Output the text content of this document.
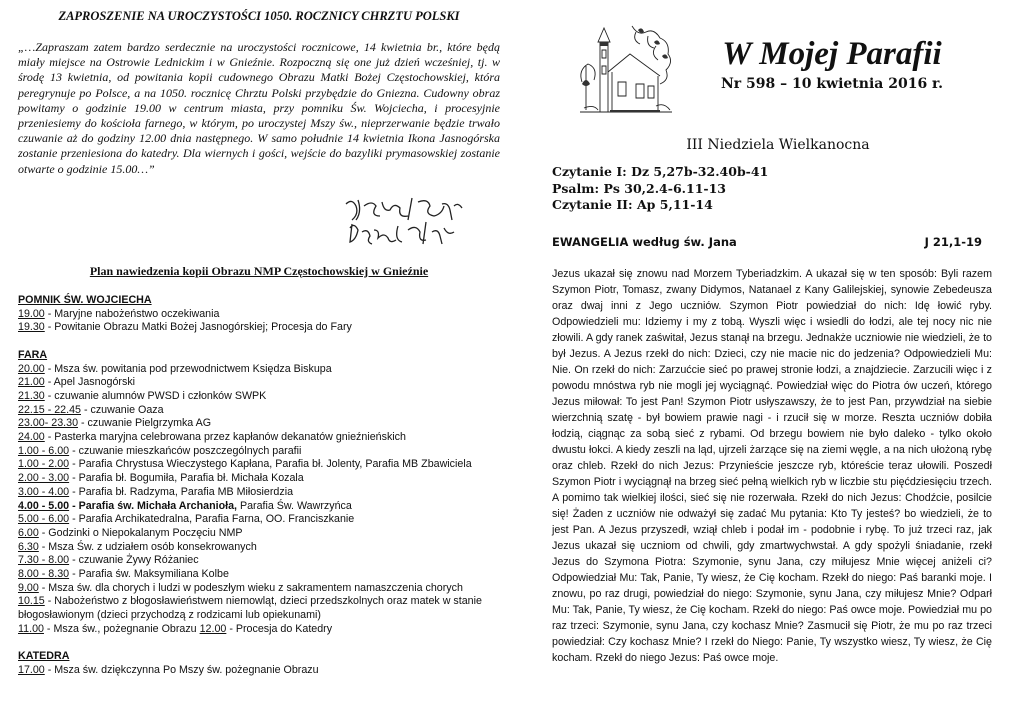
ZAPROSZENIE NA UROCZYSTOŚCI 1050. ROCZNICY CHRZTU POLSKI

„…Zapraszam zatem bardzo serdecznie na uroczystości rocznicowe, 14 kwietnia br., które będą miały miejsce na Ostrowie Lednickim i w Gnieźnie. Rozpoczną się one już dzień wcześniej, tj. w środę 13 kwietnia, od powitania kopii cudownego Obrazu Matki Bożej Częstochowskiej, która peregrynuje po Polsce, a na 1050. rocznicę Chrztu Polski przybędzie do Gniezna. Cudowny obraz powitamy o godzinie 19.00 w centrum miasta, przy pomniku Św. Wojciecha, i procesyjnie przeniesiemy do kościoła farnego, w którym, po uroczystej Mszy św., nieprzerwanie będzie trwało czuwanie aż do godziny 12.00 dnia następnego. W samo południe 14 kwietnia Ikona Jasnogórska zostanie przeniesiona do katedry. Dla wiernych i gości, wejście do bazyliki prymasowskiej zostanie otwarte o godzinie 15.00…”

Plan nawiedzenia kopii Obrazu NMP Częstochowskiej w Gnieźnie
POMNIK ŚW. WOJCIECHA
19.00 - Maryjne nabożeństwo oczekiwania
19.30 - Powitanie Obrazu Matki Bożej Jasnogórskiej; Procesja do Fary
FARA
20.00 - Msza św. powitania pod przewodnictwem Księdza Biskupa
21.00 - Apel Jasnogórski
21.30 - czuwanie alumnów PWSD i członków SWPK
22.15 - 22.45 - czuwanie Oaza
23.00- 23.30 - czuwanie Pielgrzymka AG
24.00 - Pasterka maryjna celebrowana przez kapłanów dekanatów gnieźnieńskich
1.00 - 6.00 - czuwanie mieszkańców poszczególnych parafii
1.00 - 2.00 - Parafia Chrystusa Wieczystego Kapłana, Parafia bł. Jolenty, Parafia MB Zbawiciela
2.00 - 3.00 - Parafia bł. Bogumiła, Parafia bł. Michała Kozala
3.00 - 4.00 - Parafia bł. Radzyma, Parafia MB Miłosierdzia
4.00 - 5.00 - Parafia św. Michała Archanioła, Parafia Św. Wawrzyńca
5.00 - 6.00 - Parafia Archikatedralna, Parafia Farna, OO. Franciszkanie
6.00 - Godzinki o Niepokalanym Poczęciu NMP
6.30 - Msza Św. z udziałem osób konsekrowanych
7.30 - 8.00 - czuwanie Żywy Różaniec
8.00 - 8.30 - Parafia św. Maksymiliana Kolbe
9.00 - Msza św. dla chorych i ludzi w podeszłym wieku z sakramentem namaszczenia chorych
10.15 - Nabożeństwo z błogosławieństwem niemowląt, dzieci przedszkolnych oraz matek w stanie błogosławionym (dzieci przychodzą z rodzicami lub opiekunami)
11.00 - Msza św., pożegnanie Obrazu 12.00 - Procesja do Katedry
KATEDRA
17.00 - Msza św. dziękczynna Po Mszy św. pożegnanie Obrazu
W Mojej Parafii
Nr 598 – 10 kwietnia 2016 r.
III Niedziela Wielkanocna
Czytanie I: Dz 5,27b-32.40b-41
Psalm: Ps 30,2.4-6.11-13
Czytanie II: Ap 5,11-14
EWANGELIA według św. Jana	J 21,1-19

Jezus ukazał się znowu nad Morzem Tyberiadzkim. A ukazał się w ten sposób: Byli razem Szymon Piotr, Tomasz, zwany Didymos, Natanael z Kany Galilejskiej, synowie Zebedeusza oraz dwaj inni z Jego uczniów. Szymon Piotr powiedział do nich: Idę łowić ryby. Odpowiedzieli mu: Idziemy i my z tobą. Wyszli więc i wsiedli do łodzi, ale tej nocy nic nie złowili. A gdy ranek zaświtał, Jezus stanął na brzegu. Jednakże uczniowie nie wiedzieli, że to był Jezus. A Jezus rzekł do nich: Dzieci, czy nie macie nic do jedzenia? Odpowiedzieli Mu: Nie. On rzekł do nich: Zarzućcie sieć po prawej stronie łodzi, a znajdziecie. Zarzucili więc i z powodu mnóstwa ryb nie mogli jej wyciągnąć. Powiedział więc do Piotra ów uczeń, którego Jezus miłował: To jest Pan! Szymon Piotr usłyszawszy, że to jest Pan, przywdział na siebie wierzchnią szatę - był bowiem prawie nagi - i rzucił się w morze. Reszta uczniów dobiła łodzią, ciągnąc za sobą sieć z rybami. Od brzegu bowiem nie było daleko - tylko około dwustu łokci. A kiedy zeszli na ląd, ujrzeli żarzące się na ziemi węgle, a na nich ułożoną rybę oraz chleb. Rzekł do nich Jezus: Przynieście jeszcze ryb, któreście teraz ułowili. Poszedł Szymon Piotr i wyciągnął na brzeg sieć pełną wielkich ryb w liczbie stu pięćdziesięciu trzech. A pomimo tak wielkiej ilości, sieć się nie rozerwała. Rzekł do nich Jezus: Chodźcie, posilcie się! Żaden z uczniów nie odważył się zadać Mu pytania: Kto Ty jesteś? bo wiedzieli, że to jest Pan. A Jezus przyszedł, wziął chleb i podał im - podobnie i rybę. To już trzeci raz, jak Jezus ukazał się uczniom od chwili, gdy zmartwychwstał. A gdy spożyli śniadanie, rzekł Jezus do Szymona Piotra: Szymonie, synu Jana, czy miłujesz Mnie więcej aniżeli ci? Odpowiedział Mu: Tak, Panie, Ty wiesz, że Cię kocham. Rzekł do niego: Paś baranki moje. I znowu, po raz drugi, powiedział do niego: Szymonie, synu Jana, czy miłujesz Mnie? Odparł Mu: Tak, Panie, Ty wiesz, że Cię kocham. Rzekł do niego: Paś owce moje. Powiedział mu po raz trzeci: Szymonie, synu Jana, czy kochasz Mnie? Zasmucił się Piotr, że mu po raz trzeci powiedział: Czy kochasz Mnie? I rzekł do Niego: Panie, Ty wszystko wiesz, Ty wiesz, że Cię kocham. Rzekł do niego Jezus: Paś owce moje.
